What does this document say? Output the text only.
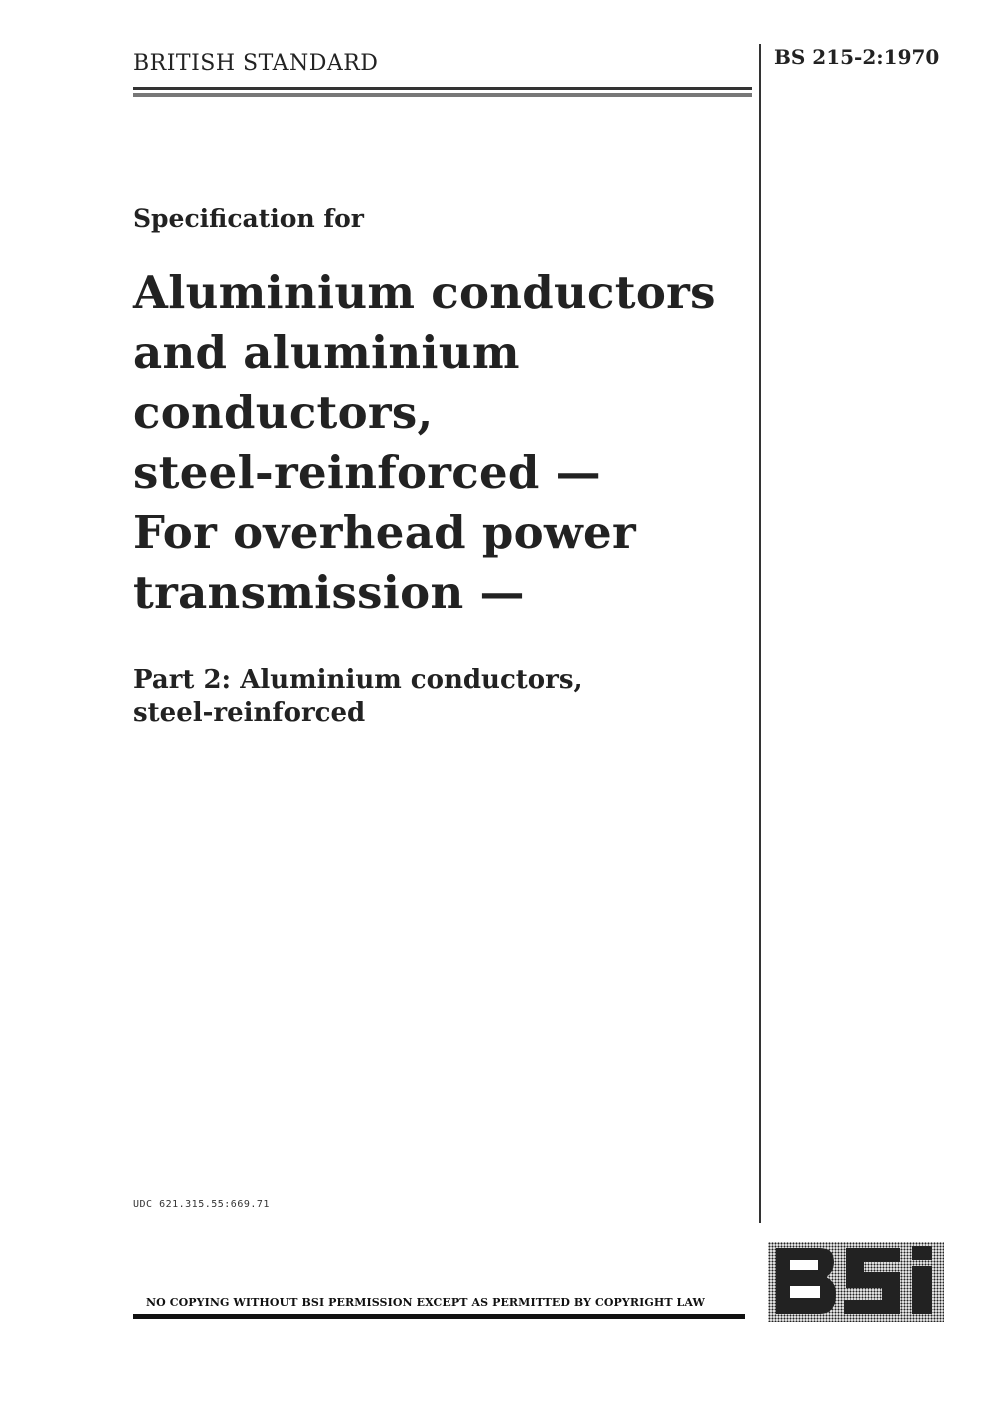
BRITISH STANDARD	BS 215-2:1970
Specification for
Aluminium conductors
and aluminium
conductors,
steel-reinforced —
For overhead power
transmission —
Part 2: Aluminium conductors,
steel-reinforced
UDC 621.315.55:669.71
NO COPYING WITHOUT BSI PERMISSION EXCEPT AS PERMITTED BY COPYRIGHT LAW
